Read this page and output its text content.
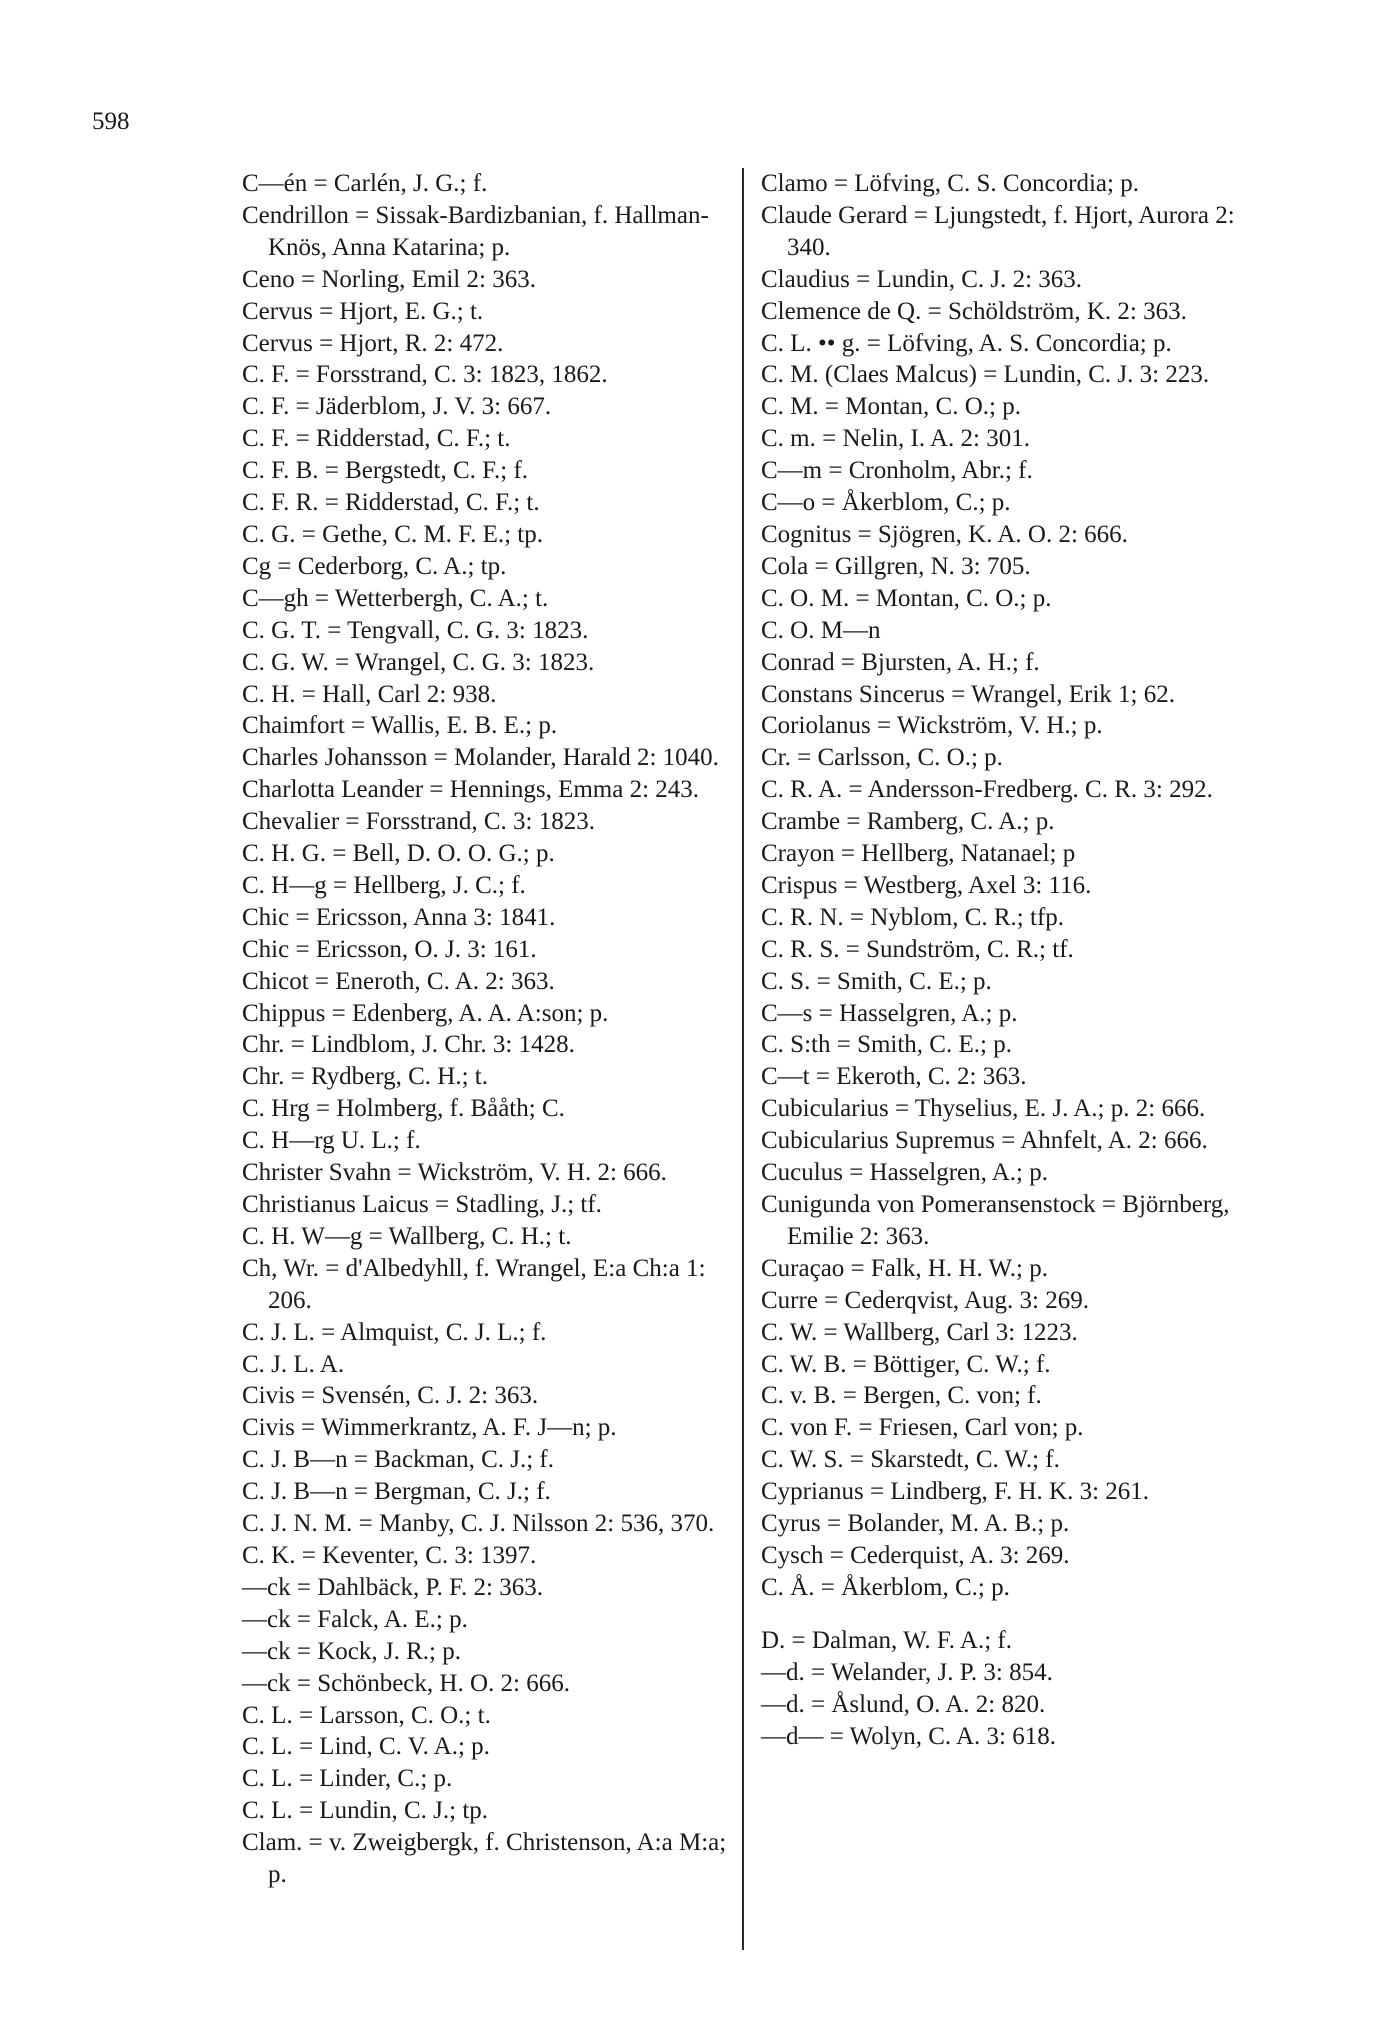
598
C—én = Carlén, J. G.; f.
Cendrillon = Sissak-Bardizbanian, f. Hallman-Knös, Anna Katarina; p.
Ceno = Norling, Emil 2: 363.
Cervus = Hjort, E. G.; t.
Cervus = Hjort, R. 2: 472.
C. F. = Forsstrand, C. 3: 1823, 1862.
C. F. = Jäderblom, J. V. 3: 667.
C. F. = Ridderstad, C. F.; t.
C. F. B. = Bergstedt, C. F.; f.
C. F. R. = Ridderstad, C. F.; t.
C. G. = Gethe, C. M. F. E.; tp.
Cg = Cederborg, C. A.; tp.
C—gh = Wetterbergh, C. A.; t.
C. G. T. = Tengvall, C. G. 3: 1823.
C. G. W. = Wrangel, C. G. 3: 1823.
C. H. = Hall, Carl 2: 938.
Chaimfort = Wallis, E. B. E.; p.
Charles Johansson = Molander, Harald 2: 1040.
Charlotta Leander = Hennings, Emma 2: 243.
Chevalier = Forsstrand, C. 3: 1823.
C. H. G. = Bell, D. O. O. G.; p.
C. H—g = Hellberg, J. C.; f.
Chic = Ericsson, Anna 3: 1841.
Chic = Ericsson, O. J. 3: 161.
Chicot = Eneroth, C. A. 2: 363.
Chippus = Edenberg, A. A. A:son; p.
Chr. = Lindblom, J. Chr. 3: 1428.
Chr. = Rydberg, C. H.; t.
C. Hrg = Holmberg, f. Bååth; C.
C. H—rg U. L.; f.
Christer Svahn = Wickström, V. H. 2: 666.
Christianus Laicus = Stadling, J.; tf.
C. H. W—g = Wallberg, C. H.; t.
Ch, Wr. = d'Albedyhll, f. Wrangel, E:a Ch:a 1: 206.
C. J. L. = Almquist, C. J. L.; f.
C. J. L. A.
Civis = Svensén, C. J. 2: 363.
Civis = Wimmerkrantz, A. F. J—n; p.
C. J. B—n = Backman, C. J.; f.
C. J. B—n = Bergman, C. J.; f.
C. J. N. M. = Manby, C. J. Nilsson 2: 536, 370.
C. K. = Keventer, C. 3: 1397.
—ck = Dahlbäck, P. F. 2: 363.
—ck = Falck, A. E.; p.
—ck = Kock, J. R.; p.
—ck = Schönbeck, H. O. 2: 666.
C. L. = Larsson, C. O.; t.
C. L. = Lind, C. V. A.; p.
C. L. = Linder, C.; p.
C. L. = Lundin, C. J.; tp.
Clam. = v. Zweigbergk, f. Christenson, A:a M:a; p.
Clamo = Löfving, C. S. Concordia; p.
Claude Gerard = Ljungstedt, f. Hjort, Aurora 2: 340.
Claudius = Lundin, C. J. 2: 363.
Clemence de Q. = Schöldström, K. 2: 363.
C. L. •• g. = Löfving, A. S. Concordia; p.
C. M. (Claes Malcus) = Lundin, C. J. 3: 223.
C. M. = Montan, C. O.; p.
C. m. = Nelin, I. A. 2: 301.
C—m = Cronholm, Abr.; f.
C—o = Åkerblom, C.; p.
Cognitus = Sjögren, K. A. O. 2: 666.
Cola = Gillgren, N. 3: 705.
C. O. M. = Montan, C. O.; p.
C. O. M—n
Conrad = Bjursten, A. H.; f.
Constans Sincerus = Wrangel, Erik 1; 62.
Coriolanus = Wickström, V. H.; p.
Cr. = Carlsson, C. O.; p.
C. R. A. = Andersson-Fredberg. C. R. 3: 292.
Crambe = Ramberg, C. A.; p.
Crayon = Hellberg, Natanael; p
Crispus = Westberg, Axel 3: 116.
C. R. N. = Nyblom, C. R.; tfp.
C. R. S. = Sundström, C. R.; tf.
C. S. = Smith, C. E.; p.
C—s = Hasselgren, A.; p.
C. S:th = Smith, C. E.; p.
C—t = Ekeroth, C. 2: 363.
Cubicularius = Thyselius, E. J. A.; p. 2: 666.
Cubicularius Supremus = Ahnfelt, A. 2: 666.
Cuculus = Hasselgren, A.; p.
Cunigunda von Pomeransenstock = Björnberg, Emilie 2: 363.
Curaçao = Falk, H. H. W.; p.
Curre = Cederqvist, Aug. 3: 269.
C. W. = Wallberg, Carl 3: 1223.
C. W. B. = Böttiger, C. W.; f.
C. v. B. = Bergen, C. von; f.
C. von F. = Friesen, Carl von; p.
C. W. S. = Skarstedt, C. W.; f.
Cyprianus = Lindberg, F. H. K. 3: 261.
Cyrus = Bolander, M. A. B.; p.
Cysch = Cederquist, A. 3: 269.
C. Å. = Åkerblom, C.; p.
D. = Dalman, W. F. A.; f.
—d. = Welander, J. P. 3: 854.
—d. = Åslund, O. A. 2: 820.
—d— = Wolyn, C. A. 3: 618.
